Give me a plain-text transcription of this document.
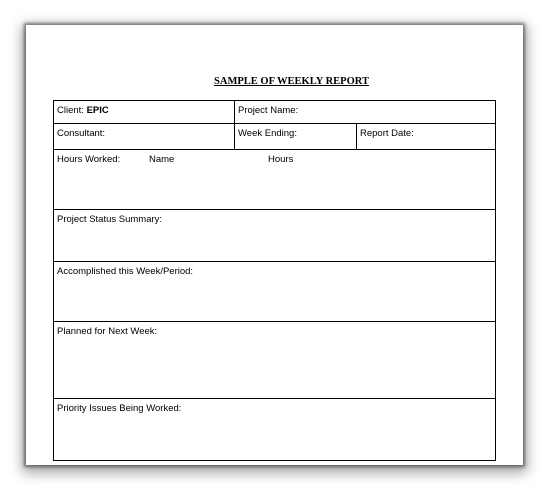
SAMPLE OF WEEKLY REPORT
Client: EPIC	Project Name:
Consultant:	Week Ending:	Report Date:
Hours Worked:	Name	Hours
Project Status Summary:
Accomplished this Week/Period:
Planned for Next Week:
Priority Issues Being Worked:
